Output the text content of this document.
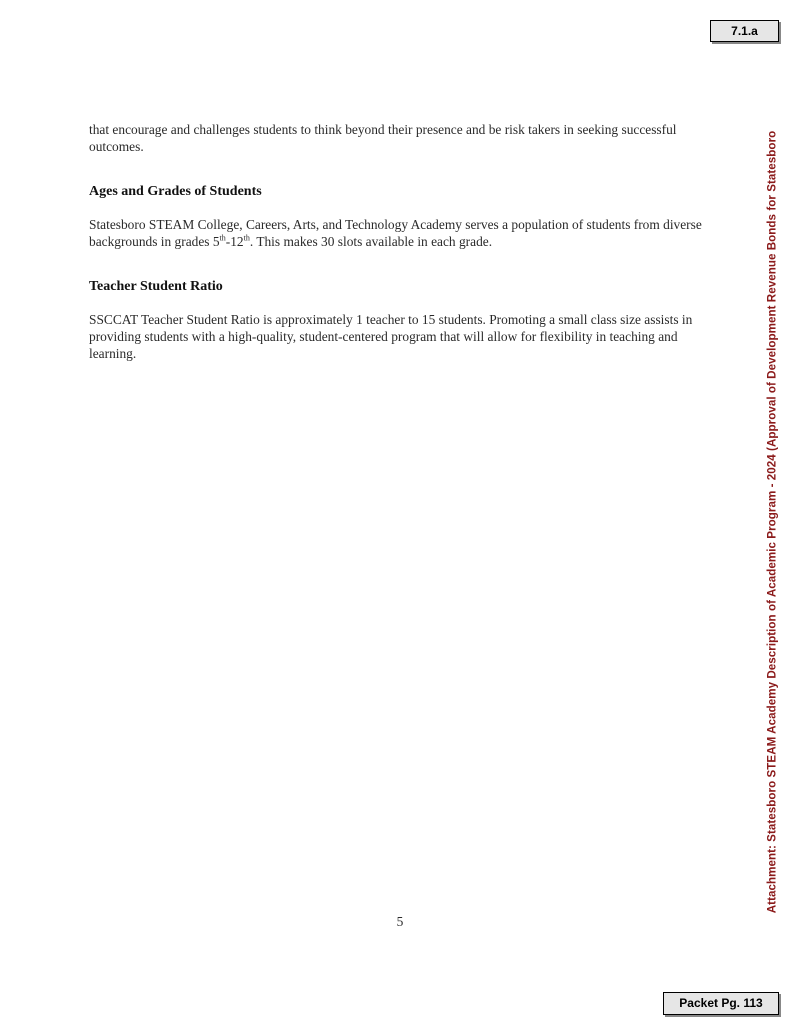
7.1.a
Attachment: Statesboro STEAM Academy Description of Academic Program - 2024 (Approval of Development Revenue Bonds for Statesboro

that encourage and challenges students to think beyond their presence and be risk takers in seeking successful outcomes.

Ages and Grades of Students

Statesboro STEAM College, Careers, Arts, and Technology Academy serves a population of students from diverse backgrounds in grades 5th-12th. This makes 30 slots available in each grade.

Teacher Student Ratio

SSCCAT Teacher Student Ratio is approximately 1 teacher to 15 students. Promoting a small class size assists in providing students with a high-quality, student-centered program that will allow for flexibility in teaching and learning.

5
Packet Pg. 113
